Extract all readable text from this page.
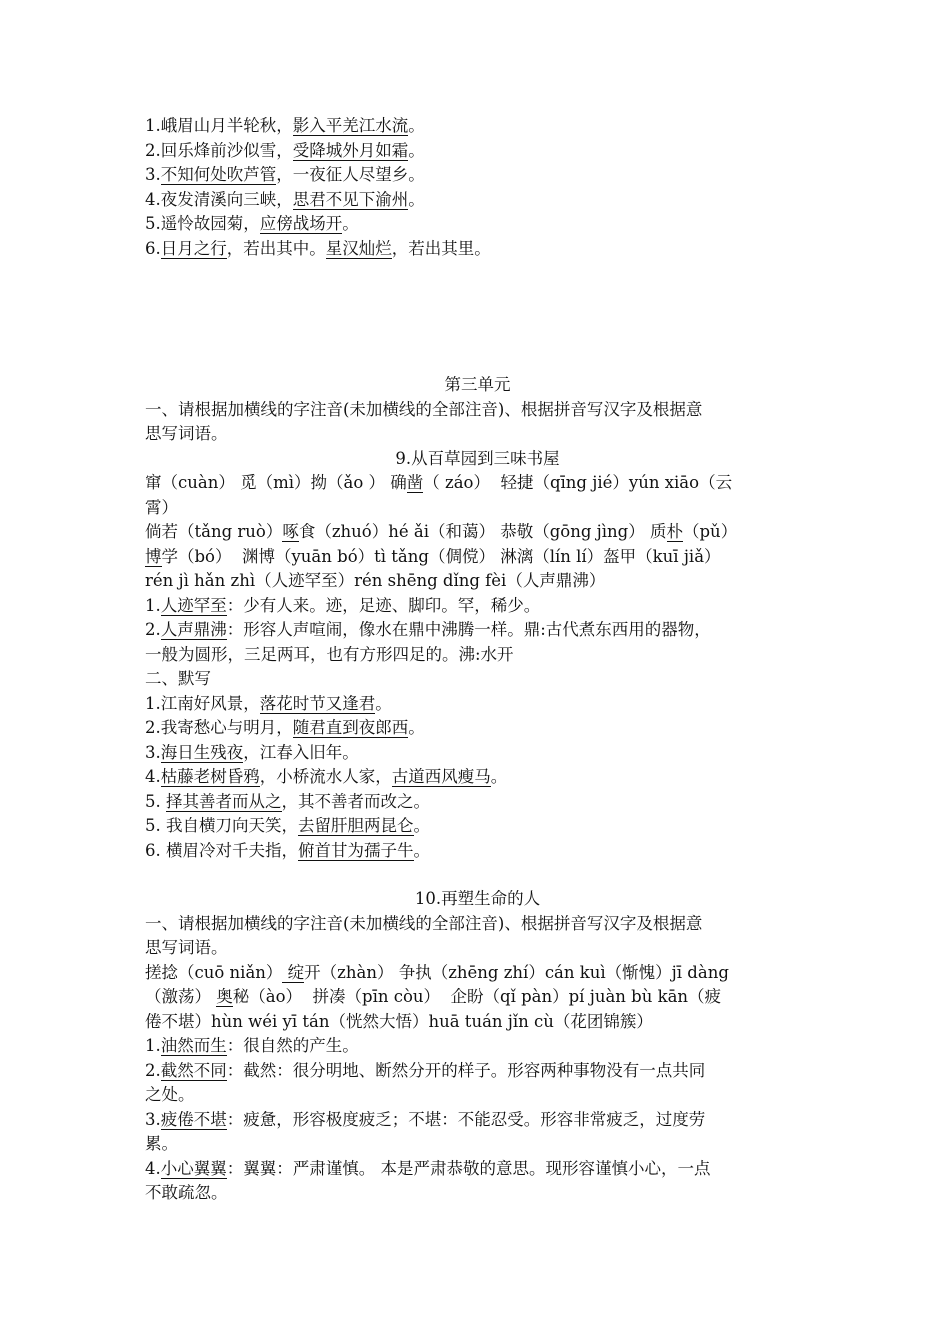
1.峨眉山月半轮秋，影入平羌江水流。
2.回乐烽前沙似雪，受降城外月如霜。
3.不知何处吹芦管，一夜征人尽望乡。
4.夜发清溪向三峡，思君不见下渝州。
5.遥怜故园菊，应傍战场开。
6.日月之行，若出其中。星汉灿烂，若出其里。
第三单元
一、请根据加横线的字注音(未加横线的全部注音)、根据拼音写汉字及根据意
思写词语。
9.从百草园到三味书屋
窜（cuàn） 觅（mì）拗（ǎo ） 确凿（ záo）  轻捷（qīng jié）yún xiāo（云
霄）
倘若（tǎng ruò）啄食（zhuó）hé ǎi（和蔼） 恭敬（gōng jìng） 质朴（pǔ）
博学（bó）  渊博（yuān bó）tì tǎng（倜傥） 淋漓（lín lí）盔甲（kuī jiǎ）
rén jì hǎn zhì（人迹罕至）rén shēng dǐng fèi（人声鼎沸）
1.人迹罕至：少有人来。迹，足迹、脚印。罕，稀少。
2.人声鼎沸：形容人声喧闹，像水在鼎中沸腾一样。鼎:古代煮东西用的器物，
一般为圆形，三足两耳，也有方形四足的。沸:水开
二、默写
1.江南好风景，落花时节又逢君。
2.我寄愁心与明月，随君直到夜郎西。
3.海日生残夜，江春入旧年。
4.枯藤老树昏鸦，小桥流水人家，古道西风瘦马。
5. 择其善者而从之，其不善者而改之。
5. 我自横刀向天笑，去留肝胆两昆仑。
6. 横眉冷对千夫指，俯首甘为孺子牛。
10.再塑生命的人
一、请根据加横线的字注音(未加横线的全部注音)、根据拼音写汉字及根据意
思写词语。
搓捻（cuō niǎn） 绽开（zhàn） 争执（zhēng zhí）cán kuì（惭愧）jī dàng
（激荡） 奥秘（ào）  拼凑（pīn còu）  企盼（qǐ pàn）pí juàn bù kān（疲
倦不堪）hùn wéi yī tán（恍然大悟）huā tuán jǐn cù（花团锦簇）
1.油然而生：很自然的产生。
2.截然不同：截然：很分明地、断然分开的样子。形容两种事物没有一点共同
之处。
3.疲倦不堪：疲惫，形容极度疲乏；不堪：不能忍受。形容非常疲乏，过度劳
累。
4.小心翼翼：翼翼：严肃谨慎。 本是严肃恭敬的意思。现形容谨慎小心，一点
不敢疏忽。
